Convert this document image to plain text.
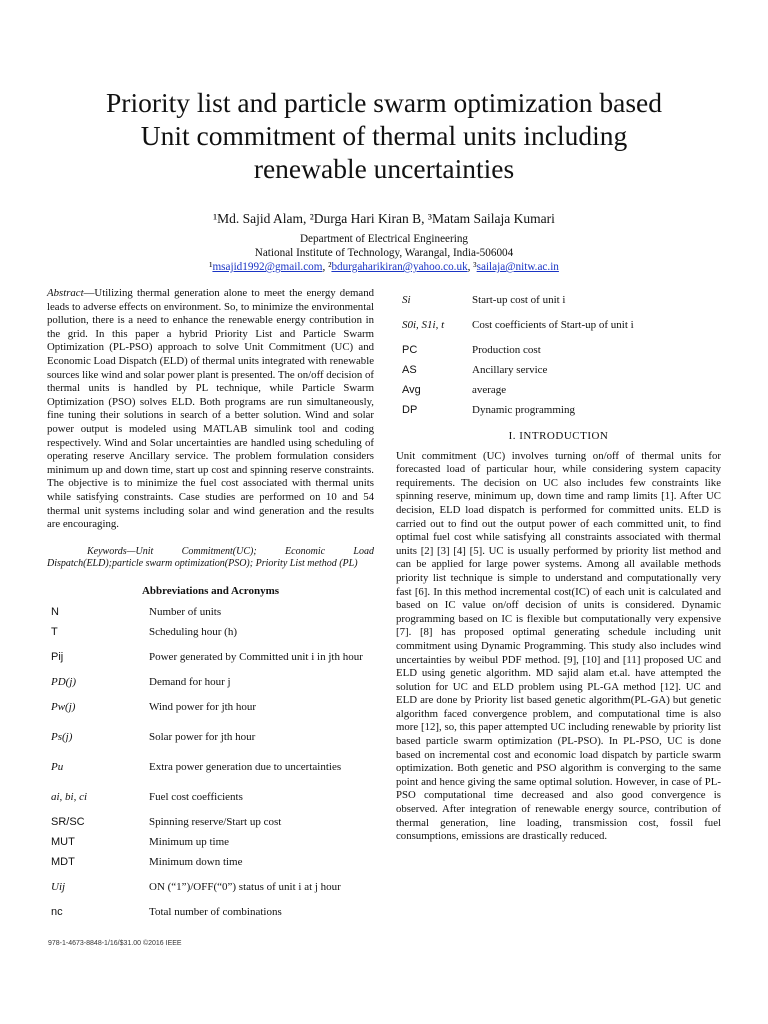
Priority list and particle swarm optimization based
Unit commitment of thermal units including
renewable uncertainties
¹Md. Sajid Alam, ²Durga Hari Kiran B, ³Matam Sailaja Kumari
Department of Electrical Engineering
National Institute of Technology, Warangal, India-506004
¹msajid1992@gmail.com, ²bdurgaharikiran@yahoo.co.uk, ³sailaja@nitw.ac.in
Abstract—Utilizing thermal generation alone to meet the energy demand leads to adverse effects on environment. So, to minimize the environmental pollution, there is a need to enhance the renewable energy contribution in the grid. In this paper a hybrid Priority List and Particle Swarm Optimization (PL-PSO) approach to solve Unit Commitment (UC) and Economic Load Dispatch (ELD) of thermal units integrated with renewable sources like wind and solar power plant is presented. The on/off decision of thermal units is handled by PL technique, while Particle Swarm Optimization (PSO) solves ELD. Both programs are run simultaneously, fine tuning their solutions in search of a better solution. Wind and solar power output is modeled using MATLAB simulink tool and coding respectively. Wind and Solar uncertainties are handled using scheduling of operating reserve Ancillary service. The problem formulation considers minimum up and down time, start up cost and spinning reserve constraints. The objective is to minimize the fuel cost associated with thermal units while satisfying constraints. Case studies are performed on 10 and 54 thermal unit systems including solar and wind generation and the results are encouraging.
Keywords—Unit Commitment(UC); Economic Load Dispatch(ELD);particle swarm optimization(PSO); Priority List method (PL)
Abbreviations and Acronyms
N	Number of units
T	Scheduling hour (h)
Pij	Power generated by Committed unit i in jth hour
PD(j)	Demand for hour j
Pw(j)	Wind power for jth hour
Ps(j)	Solar power for jth hour
Pu	Extra power generation due to uncertainties
ai, bi, ci	Fuel cost coefficients
SR/SC	Spinning reserve/Start up cost
MUT	Minimum up time
MDT	Minimum down time
Uij	ON (“1”)/OFF(“0”) status of unit i at j hour
nc	Total number of combinations
Si	Start-up cost of unit i
S0i, S1i, t	Cost coefficients of Start-up of unit i
PC	Production cost
AS	Ancillary service
Avg	average
DP	Dynamic programming
I. INTRODUCTION
Unit commitment (UC) involves turning on/off of thermal units for forecasted load of particular hour, while considering system capacity requirements. The decision on UC also includes few constraints like spinning reserve, minimum up, down time and ramp limits [1]. After UC decision, ELD load dispatch is performed for committed units. ELD is carried out to find out the output power of each committed unit, to find optimal fuel cost while satisfying all constraints associated with thermal units [2] [3] [4] [5]. UC is usually performed by priority list method and can be applied for large power systems. Among all available methods priority list technique is simple to understand and computationally very fast [6]. In this method incremental cost(IC) of each unit is calculated and based on IC value on/off decision of units is considered. Dynamic programming based on IC is flexible but computationally very expensive [7]. [8] has proposed optimal generating schedule including unit commitment using Dynamic Programming. This study also includes wind uncertainties by weibul PDF method. [9], [10] and [11] proposed UC and ELD using genetic algorithm. MD sajid alam et.al. have attempted the solution for UC and ELD problem using PL-GA method [12]. UC and ELD are done by Priority list based genetic algorithm(PL-GA) but genetic algorithm faced convergence problem, and computational time is also more [12], so, this paper attempted UC including renewable by priority list based particle swarm optimization (PL-PSO). In PL-PSO, UC is done based on incremental cost and economic load dispatch by particle swarm optimization. Both genetic and PSO algorithm is converging to the same point and hence giving the same optimal solution. However, in case of PL-PSO computational time decreased and also good convergence is observed. After integration of renewable energy source, contribution of thermal generation, line loading, transmission cost, fossil fuel consumptions, emissions are drastically reduced.
978-1-4673-8848-1/16/$31.00 ©2016 IEEE
